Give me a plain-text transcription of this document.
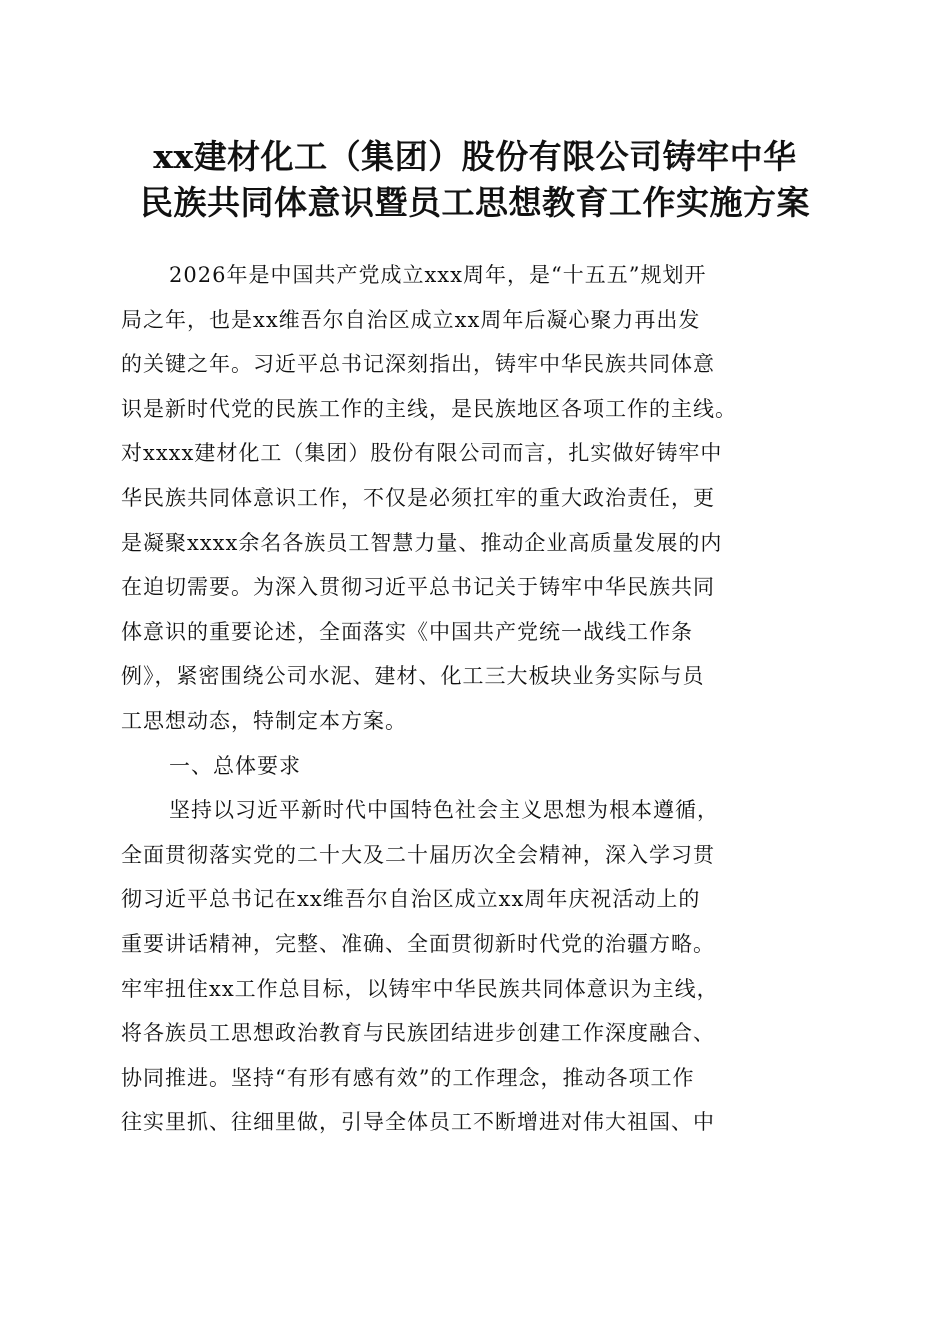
xx建材化工（集团）股份有限公司铸牢中华
民族共同体意识暨员工思想教育工作实施方案
2026年是中国共产党成立xxx周年，是“十五五”规划开
局之年，也是xx维吾尔自治区成立xx周年后凝心聚力再出发
的关键之年。习近平总书记深刻指出，铸牢中华民族共同体意
识是新时代党的民族工作的主线，是民族地区各项工作的主线。
对xxxx建材化工（集团）股份有限公司而言，扎实做好铸牢中
华民族共同体意识工作，不仅是必须扛牢的重大政治责任，更
是凝聚xxxx余名各族员工智慧力量、推动企业高质量发展的内
在迫切需要。为深入贯彻习近平总书记关于铸牢中华民族共同
体意识的重要论述，全面落实《中国共产党统一战线工作条
例》，紧密围绕公司水泥、建材、化工三大板块业务实际与员
工思想动态，特制定本方案。
一、总体要求
坚持以习近平新时代中国特色社会主义思想为根本遵循，
全面贯彻落实党的二十大及二十届历次全会精神，深入学习贯
彻习近平总书记在xx维吾尔自治区成立xx周年庆祝活动上的
重要讲话精神，完整、准确、全面贯彻新时代党的治疆方略。
牢牢扭住xx工作总目标，以铸牢中华民族共同体意识为主线，
将各族员工思想政治教育与民族团结进步创建工作深度融合、
协同推进。坚持“有形有感有效”的工作理念，推动各项工作
往实里抓、往细里做，引导全体员工不断增进对伟大祖国、中
